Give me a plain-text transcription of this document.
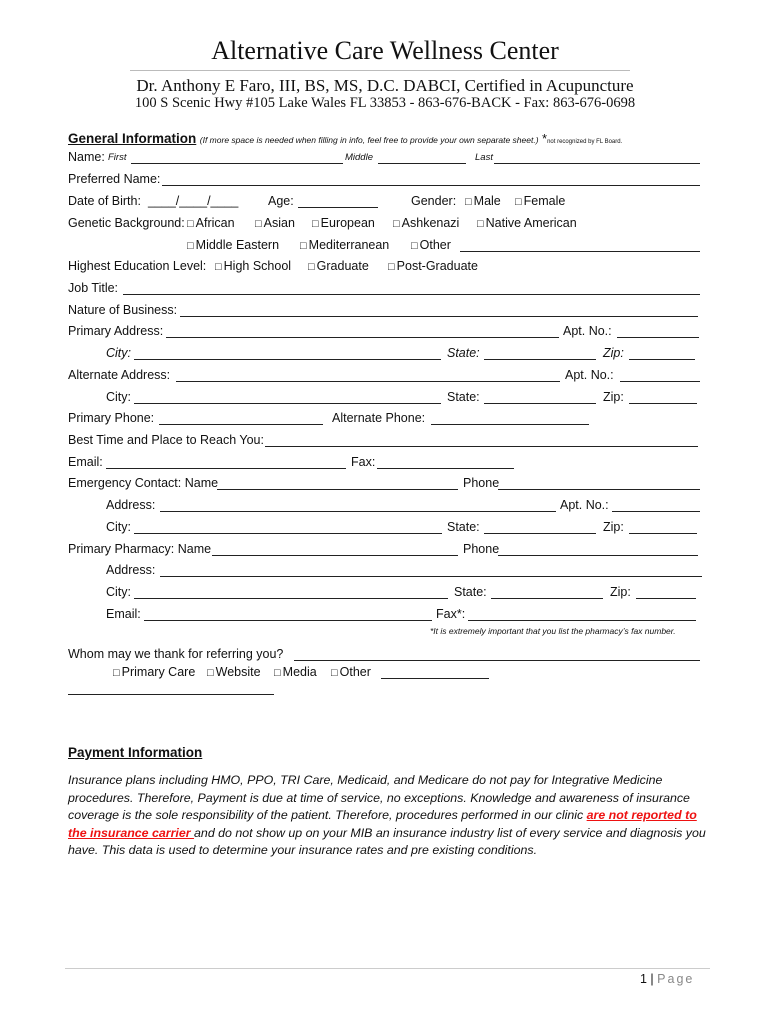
Alternative Care Wellness Center
Dr. Anthony E Faro, III, BS, MS, D.C. DABCI, Certified in Acupuncture
100 S Scenic Hwy #105 Lake Wales FL 33853 - 863-676-BACK - Fax: 863-676-0698
General Information (If more space is needed when filling in info, feel free to provide your own separate sheet.) *not recognized by FL Board.
Name: First	Middle	Last
Preferred Name:
Date of Birth: ____/____/____ Age:	Gender: □ Male □ Female
Genetic Background: □ African □ Asian □ European □ Ashkenazi □ Native American
□ Middle Eastern □ Mediterranean □ Other
Highest Education Level: □ High School □ Graduate □ Post-Graduate
Job Title:
Nature of Business:
Primary Address:	Apt. No.:
City:	State:	Zip:
Alternate Address:	Apt. No.:
City:	State:	Zip:
Primary Phone:	Alternate Phone:
Best Time and Place to Reach You:
Email:	Fax:
Emergency Contact: Name	Phone
Address:	Apt. No.:
City:	State:	Zip:
Primary Pharmacy: Name	Phone
Address:
City:	State:	Zip:
Email:	Fax*:
*It is extremely important that you list the pharmacy’s fax number.
Whom may we thank for referring you?
□ Primary Care □ Website □ Media □ Other
Payment Information
Insurance plans including HMO, PPO, TRI Care, Medicaid, and Medicare do not pay for Integrative Medicine procedures. Therefore, Payment is due at time of service, no exceptions. Knowledge and awareness of insurance coverage is the sole responsibility of the patient. Therefore, procedures performed in our clinic are not reported to the insurance carrier and do not show up on your MIB an insurance industry list of every service and diagnosis you have. This data is used to determine your insurance rates and pre existing conditions.
1 | Page
